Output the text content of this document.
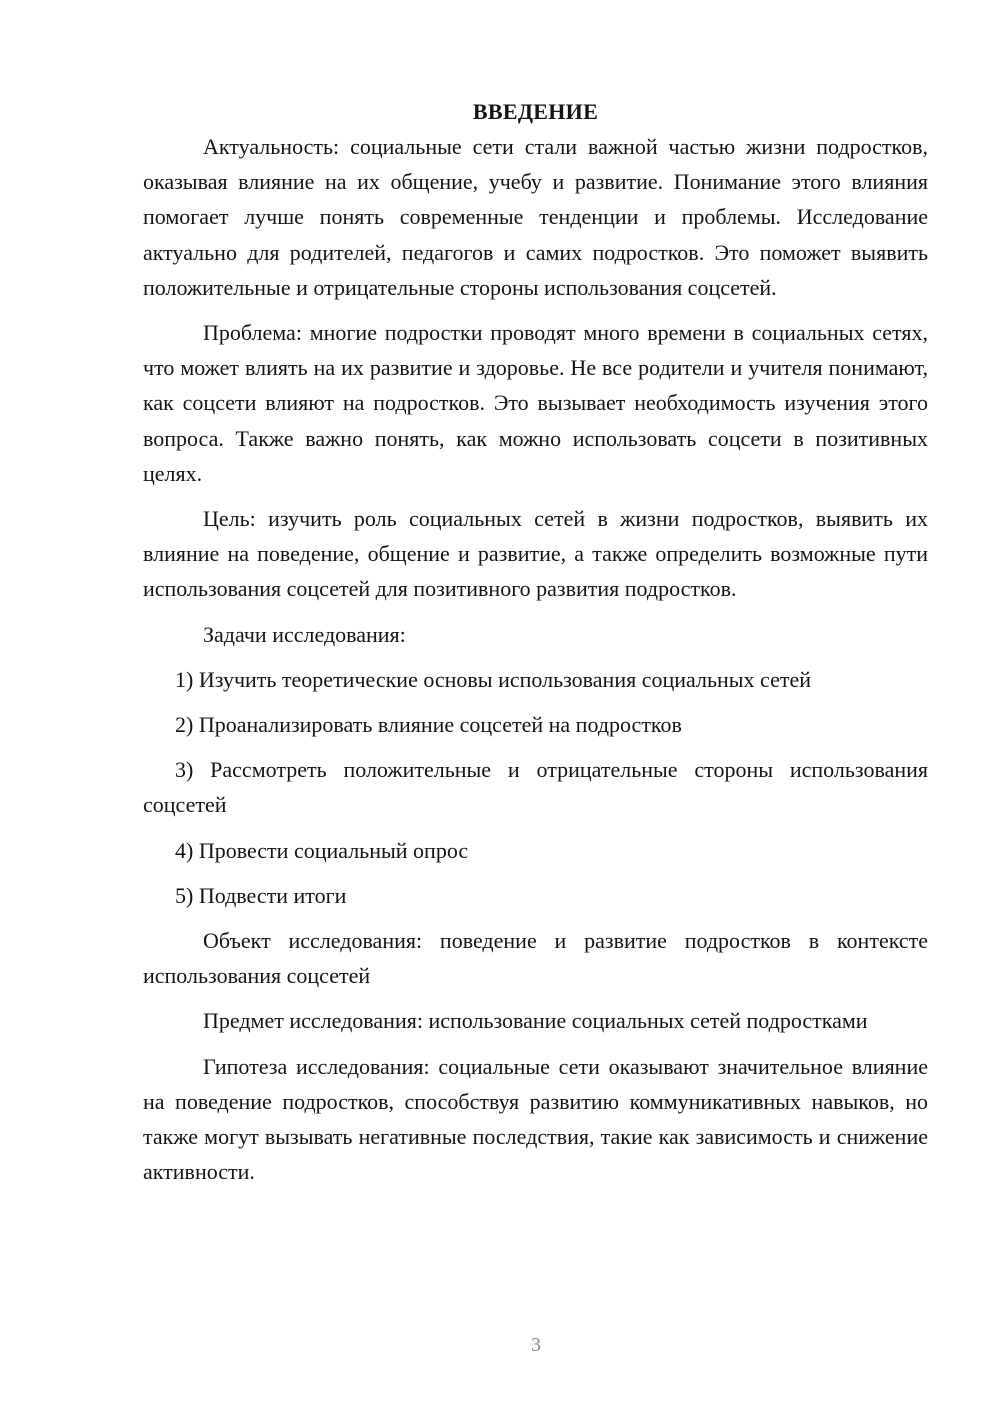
ВВЕДЕНИЕ

Актуальность: социальные сети стали важной частью жизни подростков, оказывая влияние на их общение, учебу и развитие. Понимание этого влияния помогает лучше понять современные тенденции и проблемы. Исследование актуально для родителей, педагогов и самих подростков. Это поможет выявить положительные и отрицательные стороны использования соцсетей.

Проблема: многие подростки проводят много времени в социальных сетях, что может влиять на их развитие и здоровье. Не все родители и учителя понимают, как соцсети влияют на подростков. Это вызывает необходимость изучения этого вопроса. Также важно понять, как можно использовать соцсети в позитивных целях.

Цель: изучить роль социальных сетей в жизни подростков, выявить их влияние на поведение, общение и развитие, а также определить возможные пути использования соцсетей для позитивного развития подростков.

Задачи исследования:

1) Изучить теоретические основы использования социальных сетей

2) Проанализировать влияние соцсетей на подростков

3) Рассмотреть положительные и отрицательные стороны использования соцсетей

4) Провести социальный опрос

5) Подвести итоги

Объект исследования: поведение и развитие подростков в контексте использования соцсетей

Предмет исследования: использование социальных сетей подростками

Гипотеза исследования: социальные сети оказывают значительное влияние на поведение подростков, способствуя развитию коммуникативных навыков, но также могут вызывать негативные последствия, такие как зависимость и снижение активности.

3
